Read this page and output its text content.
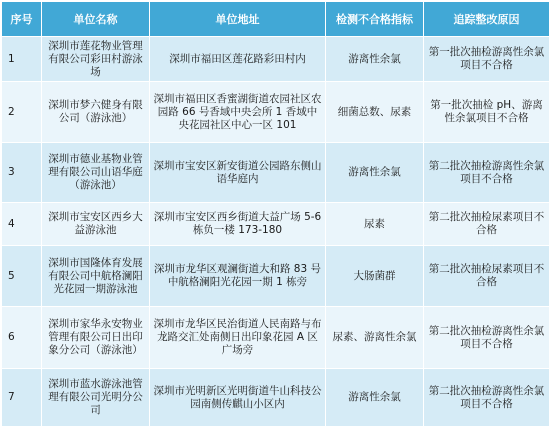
序号	单位名称	单位地址	检测不合格指标	追踪整改原因
1	深圳市莲花物业管理有限公司彩田村游泳场	深圳市福田区莲花路彩田村内	游离性余氯	第一批次抽检游离性余氯项目不合格
2	深圳市梦六健身有限公司（游泳池）	深圳市福田区香蜜湖街道农园社区农园路 66 号香域中央会所 1 香域中央花园社区中心一区 101	细菌总数、尿素	第一批次抽检 pH、游离性余氯项目不合格
3	深圳市德业基物业管理有限公司山语华庭（游泳池）	深圳市宝安区新安街道公园路东侧山语华庭内	游离性余氯	第二批次抽检游离性余氯项目不合格
4	深圳市宝安区西乡大益游泳池	深圳市宝安区西乡街道大益广场 5-6 栋负一楼 173-180	尿素	第二批次抽检尿素项目不合格
5	深圳市国隆体育发展有限公司中航格澜阳光花园一期游泳池	深圳市龙华区观澜街道大和路 83 号中航格澜阳光花园一期 1 栋旁	大肠菌群	第二批次抽检尿素项目不合格
6	深圳市家华永安物业管理有限公司日出印象分公司（游泳池）	深圳市龙华区民治街道人民南路与布龙路交汇处南侧日出印象花园 A 区广场旁	尿素、游离性余氯	第二批次抽检游离性余氯项目不合格
7	深圳市蓝水游泳池管理有限公司光明分公司	深圳市光明新区光明街道牛山科技公园南侧传麒山小区内	游离性余氯	第二批次抽检游离性余氯项目不合格
